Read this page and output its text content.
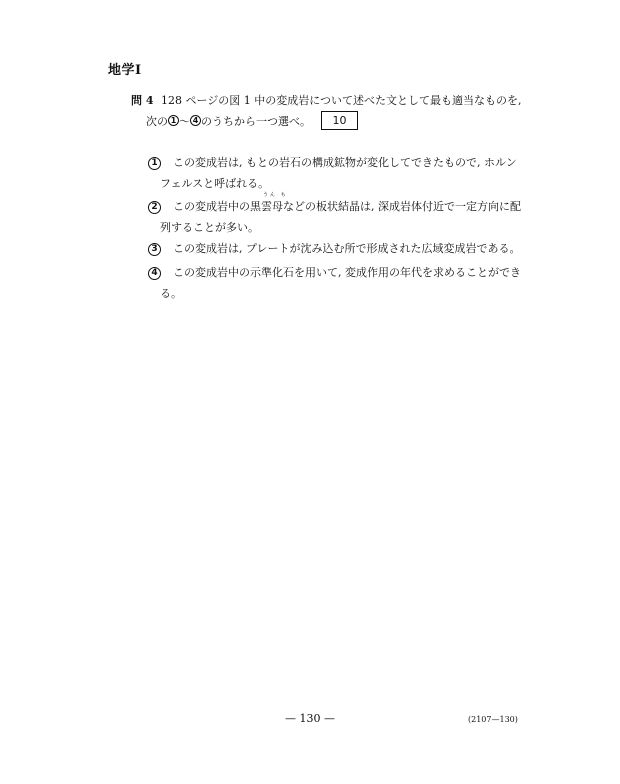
地学Ⅰ
問 4 128 ページの図 1 中の変成岩について述べた文として最も適当なものを,
次の 1 〜 4 のうちから一つ選べ。	10
1	この変成岩は, もとの岩石の構成鉱物が変化してできたもので, ホルン
フェルスと呼ばれる。
2	この変成岩中の黒
うん も
雲母などの板状結晶は, 深成岩体付近で一定方向に配
列することが多い。
3	この変成岩は, プレートが沈み込む所で形成された広域変成岩である。
4	この変成岩中の示準化石を用いて, 変成作用の年代を求めることができ
る。
— 130 —	(2107—130)
